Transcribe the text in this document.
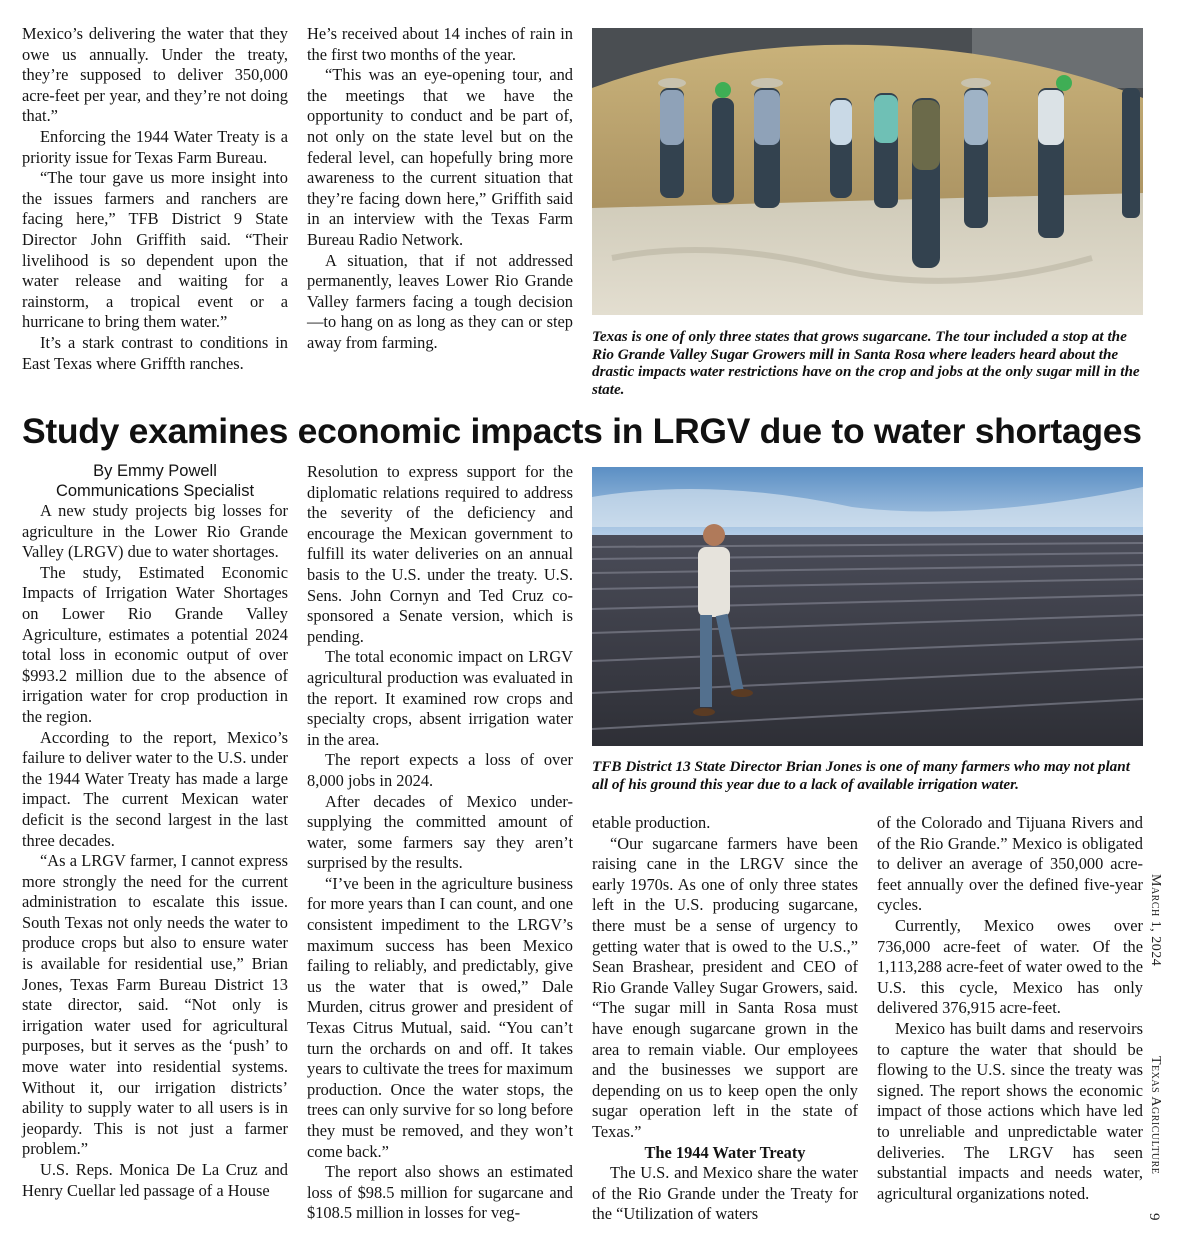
Mexico’s delivering the water that they owe us annually. Under the treaty, they’re supposed to deliver 350,000 acre-feet per year, and they’re not doing that.”

Enforcing the 1944 Water Treaty is a priority issue for Texas Farm Bureau.

“The tour gave us more insight into the issues farmers and ranchers are facing here,” TFB District 9 State Director John Griffith said. “Their livelihood is so dependent upon the water release and waiting for a rainstorm, a tropical event or a hurricane to bring them water.”

It’s a stark contrast to conditions in East Texas where Griffth ranches.

He’s received about 14 inches of rain in the first two months of the year.

“This was an eye-opening tour, and the meetings that we have the opportunity to conduct and be part of, not only on the state level but on the federal level, can hopefully bring more awareness to the current situation that they’re facing down here,” Griffith said in an interview with the Texas Farm Bureau Radio Network.

A situation, that if not addressed permanently, leaves Lower Rio Grande Valley farmers facing a tough decision—to hang on as long as they can or step away from farming.	Texas is one of only three states that grows sugarcane. The tour included a stop at the Rio Grande Valley Sugar Growers mill in Santa Rosa where leaders heard about the drastic impacts water restrictions have on the crop and jobs at the only sugar mill in the state.
Study examines economic impacts in LRGV due to water shortages

By Emmy Powell

Communications Specialist

A new study projects big losses for agriculture in the Lower Rio Grande Valley (LRGV) due to water shortages.

The study, Estimated Economic Impacts of Irrigation Water Shortages on Lower Rio Grande Valley Agriculture, estimates a potential 2024 total loss in economic output of over $993.2 million due to the absence of irrigation water for crop production in the region.

According to the report, Mexico’s failure to deliver water to the U.S. under the 1944 Water Treaty has made a large impact. The current Mexican water deficit is the second largest in the last three decades.

“As a LRGV farmer, I cannot express more strongly the need for the current administration to escalate this issue. South Texas not only needs the water to produce crops but also to ensure water is available for residential use,” Brian Jones, Texas Farm Bureau District 13 state director, said. “Not only is irrigation water used for agricultural purposes, but it serves as the ‘push’ to move water into residential systems. Without it, our irrigation districts’ ability to supply water to all users is in jeopardy. This is not just a farmer problem.”

U.S. Reps. Monica De La Cruz and Henry Cuellar led passage of a House

Resolution to express support for the diplomatic relations required to address the severity of the deficiency and encourage the Mexican government to fulfill its water deliveries on an annual basis to the U.S. under the treaty. U.S. Sens. John Cornyn and Ted Cruz co-sponsored a Senate version, which is pending.

The total economic impact on LRGV agricultural production was evaluated in the report. It examined row crops and specialty crops, absent irrigation water in the area.

The report expects a loss of over 8,000 jobs in 2024.

After decades of Mexico under-supplying the committed amount of water, some farmers say they aren’t surprised by the results.

“I’ve been in the agriculture business for more years than I can count, and one consistent impediment to the LRGV’s maximum success has been Mexico failing to reliably, and predictably, give us the water that is owed,” Dale Murden, citrus grower and president of Texas Citrus Mutual, said. “You can’t turn the orchards on and off. It takes years to cultivate the trees for maximum production. Once the water stops, the trees can only survive for so long before they must be removed, and they won’t come back.”

The report also shows an estimated loss of $98.5 million for sugarcane and $108.5 million in losses for veg-

TFB District 13 State Director Brian Jones is one of many farmers who may not plant all of his ground this year due to a lack of available irrigation water.

etable production.

“Our sugarcane farmers have been raising cane in the LRGV since the early 1970s. As one of only three states left in the U.S. producing sugarcane, there must be a sense of urgency to getting water that is owed to the U.S.,” Sean Brashear, president and CEO of Rio Grande Valley Sugar Growers, said. “The sugar mill in Santa Rosa must have enough sugarcane grown in the area to remain viable. Our employees and the businesses we support are depending on us to keep open the only sugar operation left in the state of Texas.”

The 1944 Water Treaty

The U.S. and Mexico share the water of the Rio Grande under the Treaty for the “Utilization of waters

of the Colorado and Tijuana Rivers and of the Rio Grande.” Mexico is obligated to deliver an average of 350,000 acre-feet annually over the defined five-year cycles.

Currently, Mexico owes over 736,000 acre-feet of water. Of the 1,113,288 acre-feet of water owed to the U.S. this cycle, Mexico has only delivered 376,915 acre-feet.

Mexico has built dams and reservoirs to capture the water that should be flowing to the U.S. since the treaty was signed. The report shows the economic impact of those actions which have led to unreliable and unpredictable water deliveries. The LRGV has seen substantial impacts and needs water, agricultural organizations noted.

March 1, 2024
Texas Agriculture
9
